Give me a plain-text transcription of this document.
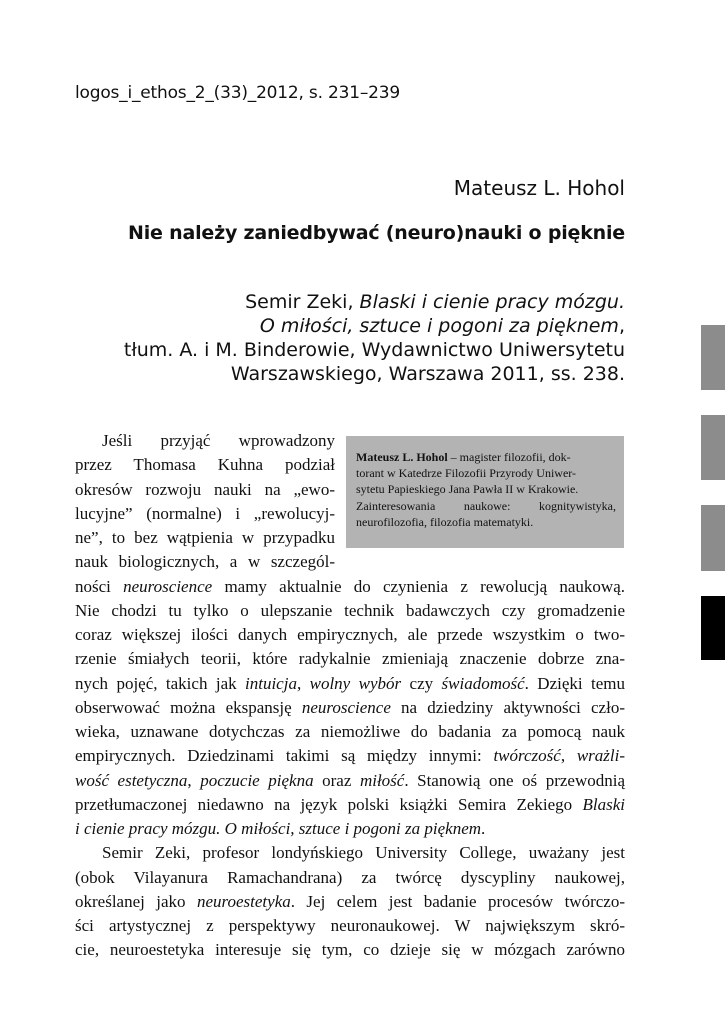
logos_i_ethos_2_(33)_2012, s. 231–239
Mateusz L. Hohol
Nie należy zaniedbywać (neuro)nauki o pięknie
Semir Zeki, Blaski i cienie pracy mózgu.
O miłości, sztuce i pogoni za pięknem,
tłum. A. i M. Binderowie, Wydawnictwo Uniwersytetu
Warszawskiego, Warszawa 2011, ss. 238.
Mateusz L. Hohol – magister filozofii, dok-
torant w Katedrze Filozofii Przyrody Uniwer-
sytetu Papieskiego Jana Pawła II w Krakowie.
Zainteresowania naukowe: kognitywistyka,
neurofilozofia, filozofia matematyki.
Jeśli przyjąć wprowadzony
przez Thomasa Kuhna podział
okresów rozwoju nauki na „ewo-
lucyjne” (normalne) i „rewolucyj-
ne”, to bez wątpienia w przypadku
nauk biologicznych, a w szczegól-
ności neuroscience mamy aktualnie do czynienia z rewolucją naukową.
Nie chodzi tu tylko o ulepszanie technik badawczych czy gromadzenie
coraz większej ilości danych empirycznych, ale przede wszystkim o two-
rzenie śmiałych teorii, które radykalnie zmieniają znaczenie dobrze zna-
nych pojęć, takich jak intuicja, wolny wybór czy świadomość. Dzięki temu
obserwować można ekspansję neuroscience na dziedziny aktywności czło-
wieka, uznawane dotychczas za niemożliwe do badania za pomocą nauk
empirycznych. Dziedzinami takimi są między innymi: twórczość, wrażli-
wość estetyczna, poczucie piękna oraz miłość. Stanowią one oś przewodnią
przetłumaczonej niedawno na język polski książki Semira Zekiego Blaski
i cienie pracy mózgu. O miłości, sztuce i pogoni za pięknem.
Semir Zeki, profesor londyńskiego University College, uważany jest
(obok Vilayanura Ramachandrana) za twórcę dyscypliny naukowej,
określanej jako neuroestetyka. Jej celem jest badanie procesów twórczo-
ści artystycznej z perspektywy neuronaukowej. W największym skró-
cie, neuroestetyka interesuje się tym, co dzieje się w mózgach zarówno
